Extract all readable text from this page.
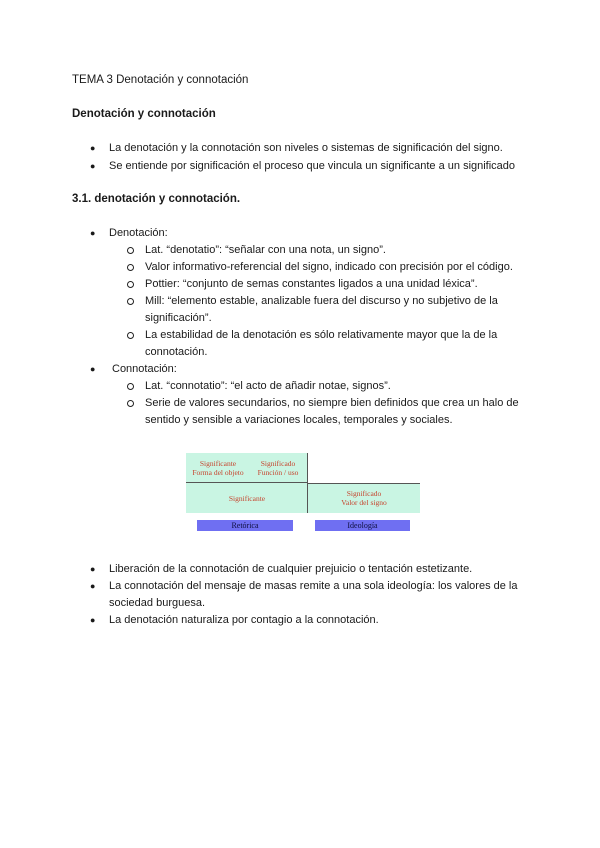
TEMA 3 Denotación y connotación
Denotación y connotación
● La denotación y la connotación son niveles o sistemas de significación del signo.
● Se entiende por significación el proceso que vincula un significante a un significado
3.1. denotación y connotación.
● Denotación:
Lat. “denotatio”: “señalar con una nota, un signo”.
Valor informativo-referencial del signo, indicado con precisión por el código.
Pottier: “conjunto de semas constantes ligados a una unidad léxica”.
Mill: “elemento estable, analizable fuera del discurso y no subjetivo de la
significación”.
La estabilidad de la denotación es sólo relativamente mayor que la de la
connotación.
● Connotación:
Lat. “connotatio”: “el acto de añadir notae, signos”.
Serie de valores secundarios, no siempre bien definidos que crea un halo de
sentido y sensible a variaciones locales, temporales y sociales.
Significante
Forma del objeto
Significado
Función / uso
Significante
Significado
Valor del signo
Retórica	Ideología
● Liberación de la connotación de cualquier prejuicio o tentación estetizante.
● La connotación del mensaje de masas remite a una sola ideología: los valores de la
sociedad burguesa.
● La denotación naturaliza por contagio a la connotación.
